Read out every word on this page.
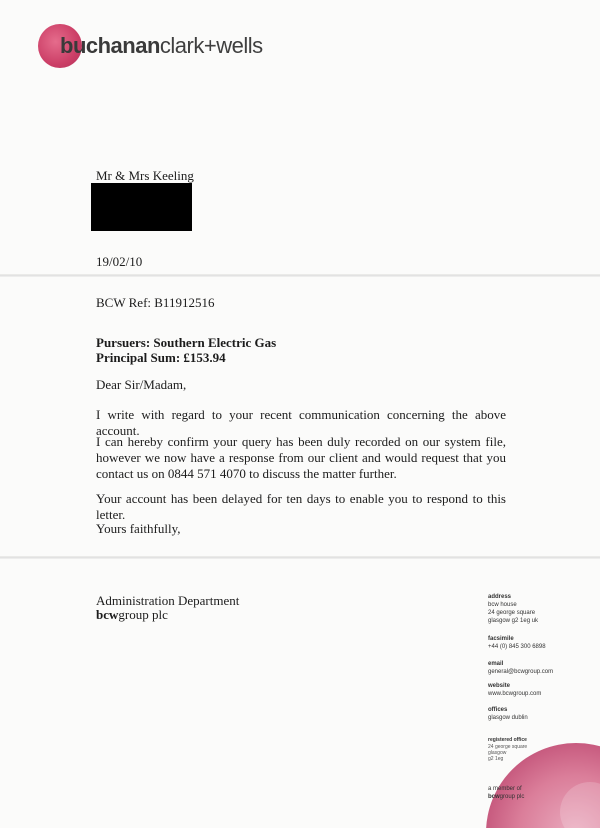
buchananclark+wells
Mr & Mrs Keeling
19/02/10
BCW Ref: B11912516
Pursuers: Southern Electric Gas
Principal Sum: £153.94
Dear Sir/Madam,
I write with regard to your recent communication concerning the above account.
I can hereby confirm your query has been duly recorded on our system file, however we now have a response from our client and would request that you contact us on 0844 571 4070 to discuss the matter further.
Your account has been delayed for ten days to enable you to respond to this letter.
Yours faithfully,
Administration Department
bcwgroup plc
address
bcw house
24 george square
glasgow g2 1eg uk
facsimile
+44 (0) 845 300 6898
email
general@bcwgroup.com
website
www.bcwgroup.com
offices
glasgow dublin
registered office
24 george square
glasgow
g2 1eg
a member of
bcwgroup plc
